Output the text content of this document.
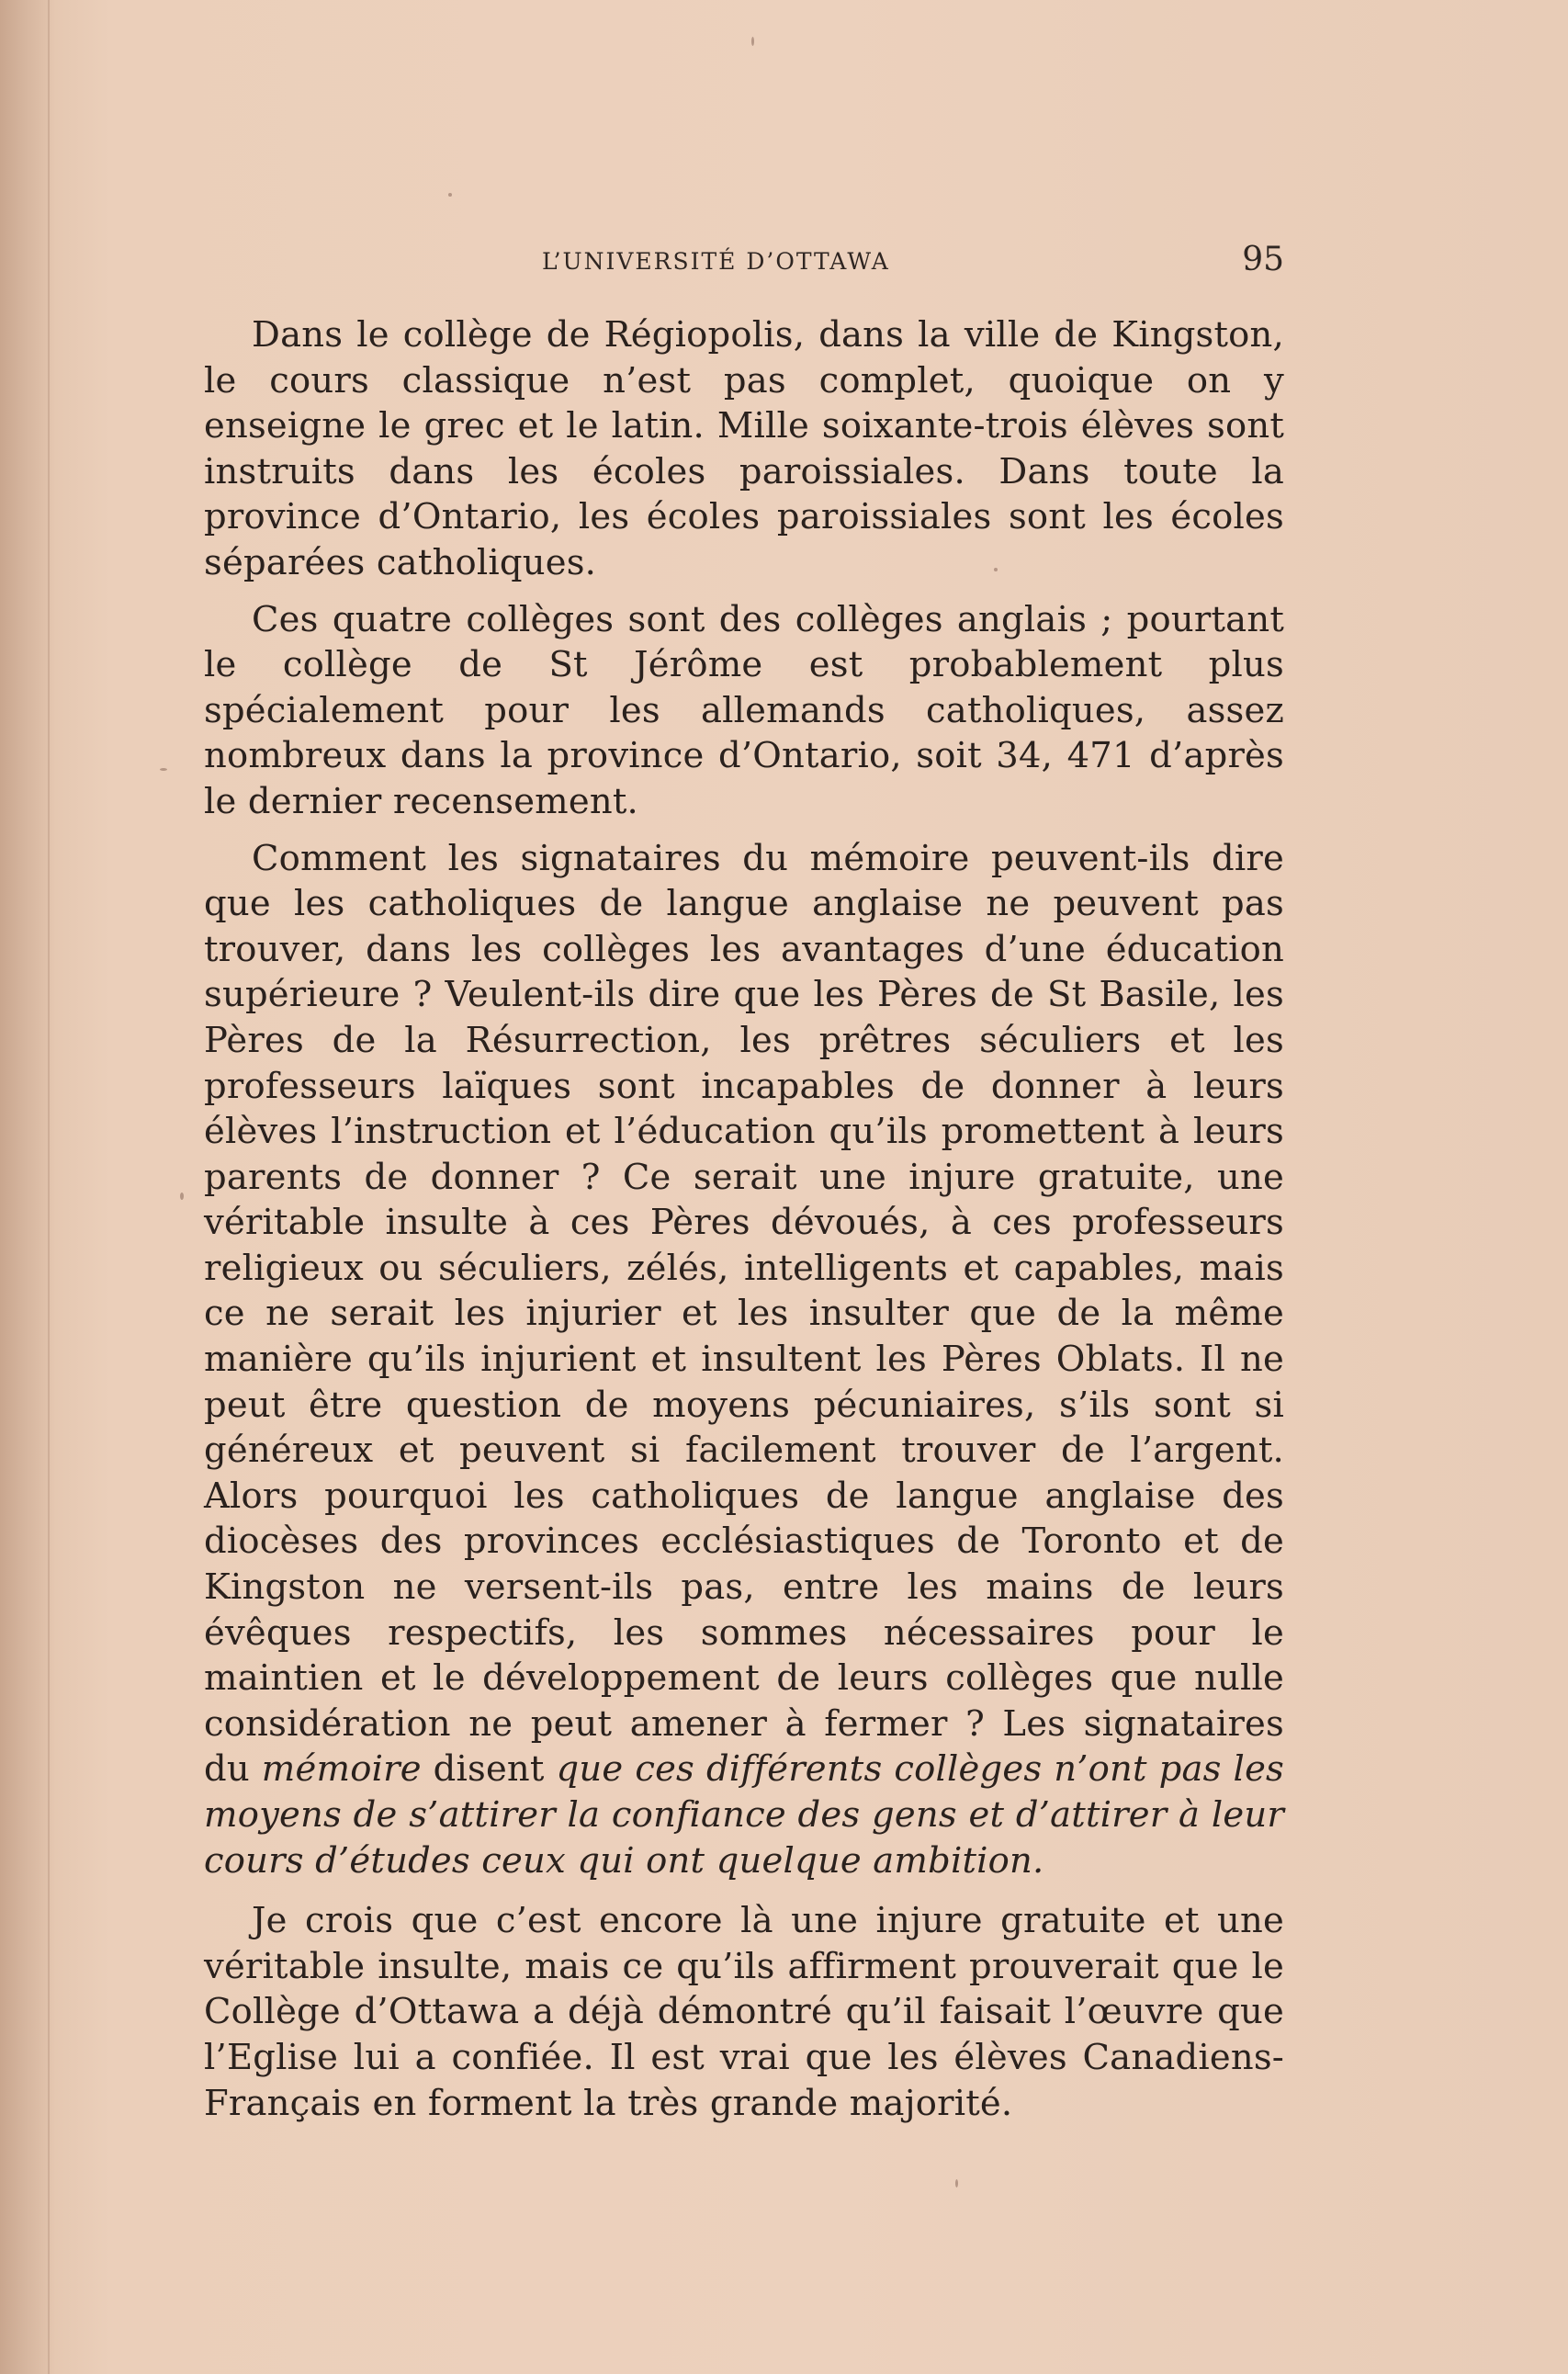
L’UNIVERSITÉ D’OTTAWA	95

Dans le collège de Régiopolis, dans la ville de Kingston, le cours classique n’est pas complet, quoique on y enseigne le grec et le latin. Mille soixante-trois élèves sont instruits dans les écoles paroissiales. Dans toute la province d’Ontario, les écoles paroissiales sont les écoles séparées catholiques.

Ces quatre collèges sont des collèges anglais ; pourtant le collège de St Jérôme est probablement plus spécialement pour les allemands catholiques, assez nombreux dans la province d’Ontario, soit 34, 471 d’après le dernier recensement.

Comment les signataires du mémoire peuvent-ils dire que les catholiques de langue anglaise ne peuvent pas trouver, dans les collèges les avantages d’une éducation supérieure ? Veulent-ils dire que les Pères de St Basile, les Pères de la Résurrection, les prêtres séculiers et les professeurs laïques sont incapables de donner à leurs élèves l’instruction et l’éducation qu’ils promettent à leurs parents de donner ? Ce serait une injure gratuite, une véritable insulte à ces Pères dévoués, à ces professeurs religieux ou séculiers, zélés, intelligents et capables, mais ce ne serait les injurier et les insulter que de la même manière qu’ils injurient et insultent les Pères Oblats. Il ne peut être question de moyens pécuniaires, s’ils sont si généreux et peuvent si facilement trouver de l’argent. Alors pourquoi les catholiques de langue anglaise des diocèses des provinces ecclésiastiques de Toronto et de Kingston ne versent-ils pas, entre les mains de leurs évêques respectifs, les sommes nécessaires pour le maintien et le développement de leurs collèges que nulle considération ne peut amener à fermer ? Les signataires du mémoire disent que ces différents collèges n’ont pas les moyens de s’attirer la confiance des gens et d’attirer à leur cours d’études ceux qui ont quelque ambition.

Je crois que c’est encore là une injure gratuite et une véritable insulte, mais ce qu’ils affirment prouverait que le Collège d’Ottawa a déjà démontré qu’il faisait l’œuvre que l’Eglise lui a confiée. Il est vrai que les élèves Canadiens-Français en forment la très grande majorité.
